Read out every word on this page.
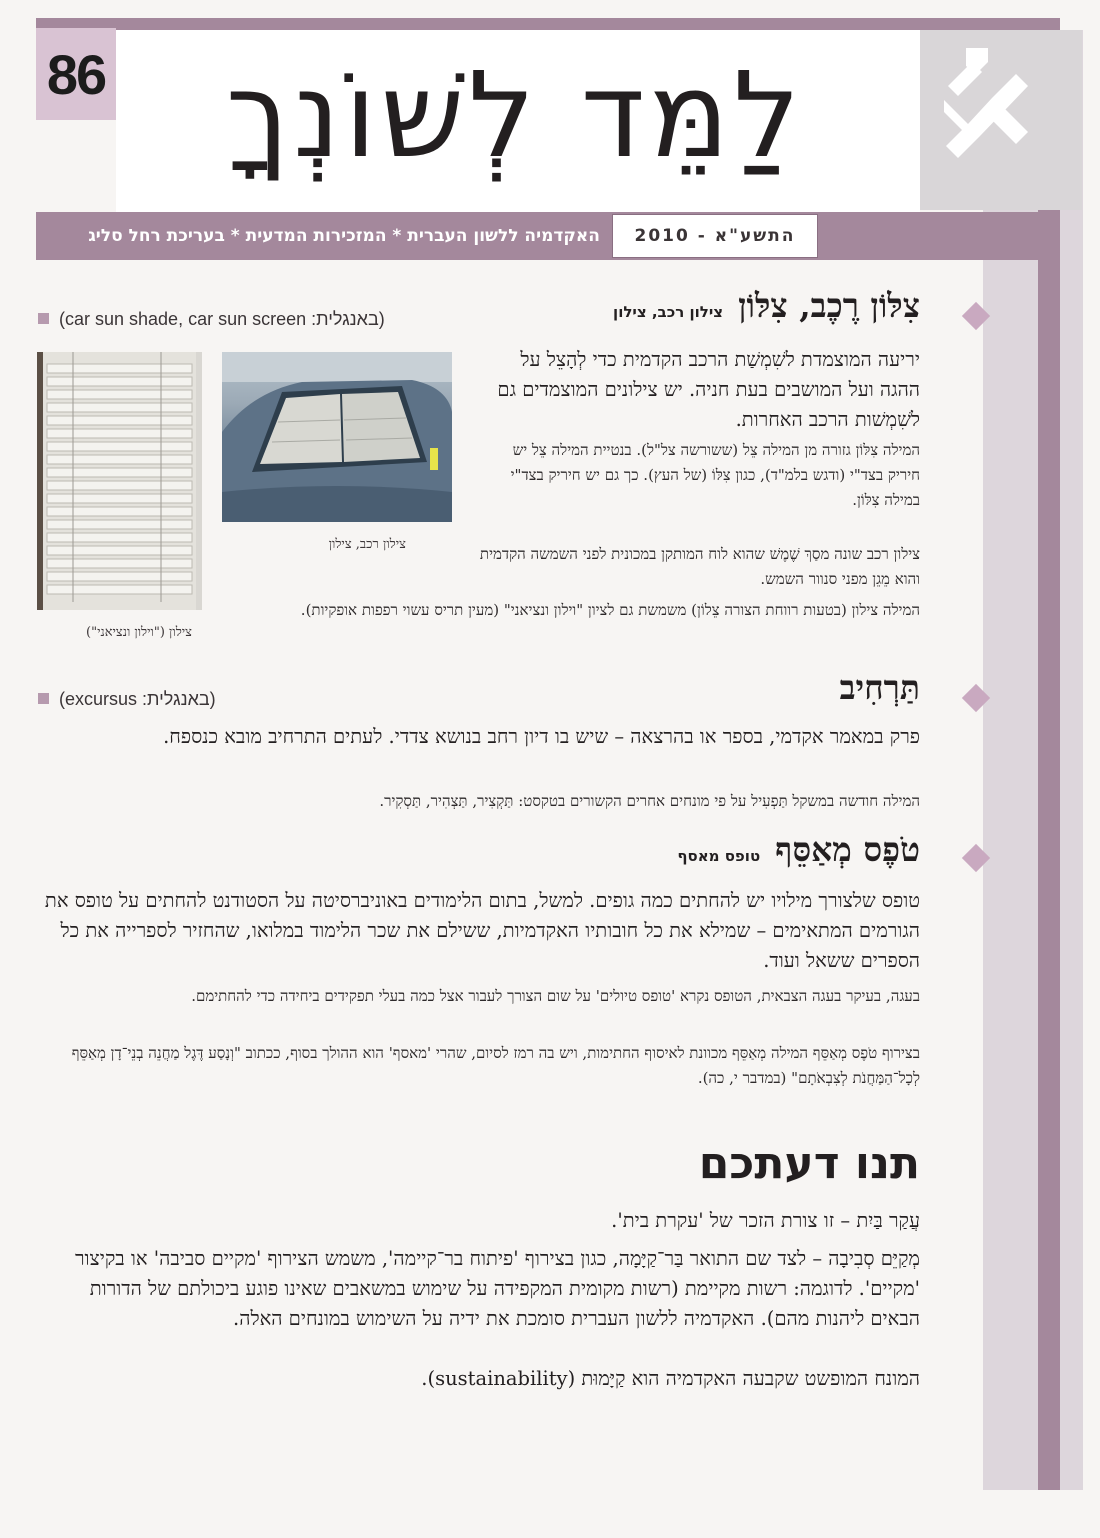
86	לַמֵּד לְשׁוֹנְךָ
התשע"א - 2010
האקדמיה ללשון העברית * המזכירות המדעית * בעריכת רחל סליג
צִלּוֹן רֶכֶב, צִלּוֹן צילון רכב, צילון
(באנגלית: car sun shade, car sun screen)
יריעה המוצמדת לשִׁמְשַׁת הרכב הקדמית כדי לְהָצֵל על ההגה ועל המושבים בעת חניה. יש צילונים המוצמדים גם לשִׁמְשׁות הרכב האחרות.
המילה צִלּוֹן גזורה מן המילה צֵל (ששורשה צל"ל). בנטיית המילה צֵל יש חיריק בצד"י (ודגש בלמ"ד), כגון צִלּוֹ (של העץ). כך גם יש חיריק בצד"י במילה צִלּוֹן.
צילון רכב שונה מסַךְ שֶׁמֶשׁ שהוא לוח המותקן במכונית לפני השמשה הקדמית והוא מֵגֵן מפני סנוור השמש.
המילה צילון (בטעות רווחת הצורה צֵלוֹן) משמשת גם לציון "וילון ונציאני" (מעין תריס עשוי רפפות אופקיות).
צילון רכב, צילון
צילון ("וילון ונציאני")
תַּרְחִיב
(באנגלית: excursus)
פרק במאמר אקדמי, בספר או בהרצאה – שיש בו דיון רחב בנושא צדדי. לעתים התרחיב מובא כנספח.
המילה חודשה במשקל תַּפְעִיל על פי מונחים אחרים הקשורים בטקסט: תַּקְצִיר, תַּצְהִיר, תַּסְקִיר.
טֹפֶס מְאַסֵּף טופס מאסף
טופס שלצורך מילויו יש להחתים כמה גופים. למשל, בתום הלימודים באוניברסיטה על הסטודנט להחתים על טופס את הגורמים המתאימים – שמילא את כל חובותיו האקדמיות, ששילם את שכר הלימוד במלואו, שהחזיר לספרייה את כל הספרים ששאל ועוד.
בעגה, בעיקר בעגה הצבאית, הטופס נקרא 'טופס טיולים' על שום הצורך לעבור אצל כמה בעלי תפקידים ביחידה כדי להחתימם.
בצירוף טֹפֶס מְאַסֵּף המילה מְאַסֵּף מכוונת לאיסוף החתימות, ויש בה רמז לסיום, שהרי 'מאסף' הוא ההולך בסוף, ככתוב "וְנָסַע דֶּגֶל מַחֲנֵה בְנֵי־דָן מְאַסֵּף לְכָל־הַמַּחֲנֹת לְצִבְאֹתָם" (במדבר י, כה).
תנו דעתכם
עֲקַר בַּיִת – זו צורת הזכר של 'עקרת בית'.
מְקַיֵּם סְבִיבָה – לצד שם התואר בַּר־קַיָּמָה, כגון בצירוף 'פיתוח בר־קיימה', משמש הצירוף 'מקיים סביבה' או בקיצור 'מקיים'. לדוגמה: רשות מקיימת (רשות מקומית המקפידה על שימוש במשאבים שאינו פוגע ביכולתם של הדורות הבאים ליהנות מהם). האקדמיה ללשון העברית סומכת את ידיה על השימוש במונחים האלה.
המונח המופשט שקבעה האקדמיה הוא קַיָּמוּת (sustainability).
